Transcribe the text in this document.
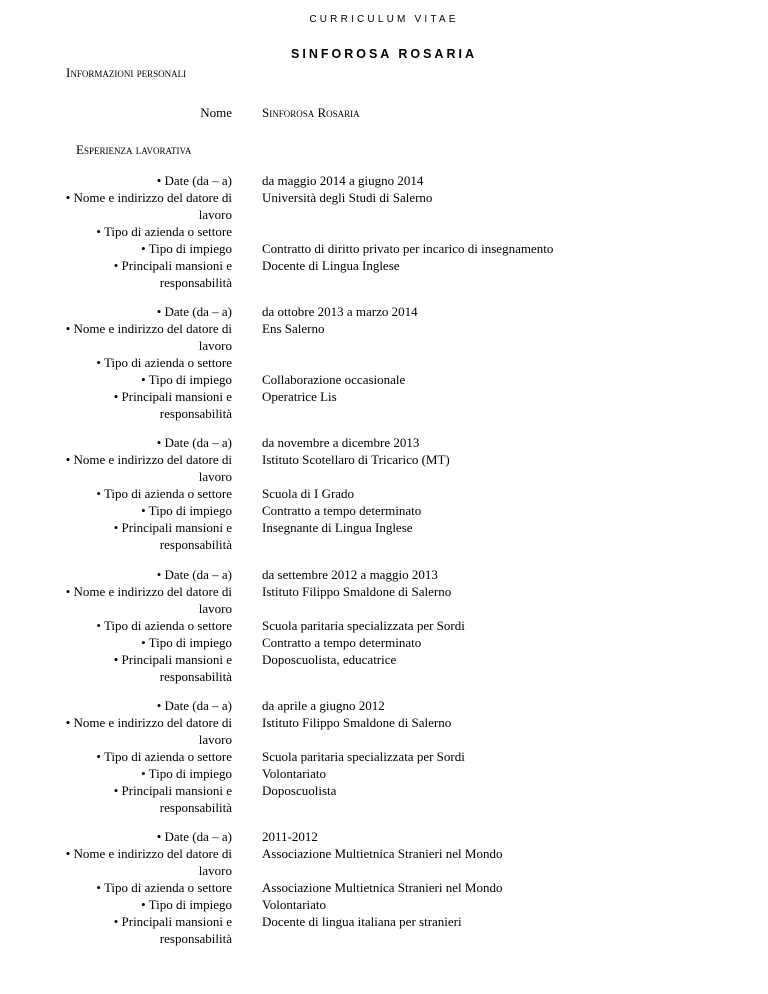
CURRICULUM VITAE
SINFOROSA ROSARIA
Informazioni personali
Nome Sinforosa Rosaria
Esperienza lavorativa
• Date (da – a)
• Nome e indirizzo del datore di
lavoro
• Tipo di azienda o settore
• Tipo di impiego
• Principali mansioni e
responsabilità
da maggio 2014 a giugno 2014
Università degli Studi di Salerno
Contratto di diritto privato per incarico di insegnamento
Docente di Lingua Inglese
• Date (da – a)
• Nome e indirizzo del datore di
lavoro
• Tipo di azienda o settore
• Tipo di impiego
• Principali mansioni e
responsabilità
da ottobre 2013 a marzo 2014
Ens Salerno
Collaborazione occasionale
Operatrice Lis
• Date (da – a)
• Nome e indirizzo del datore di
lavoro
• Tipo di azienda o settore
• Tipo di impiego
• Principali mansioni e
responsabilità
da novembre a dicembre 2013
Istituto Scotellaro di Tricarico (MT)
Scuola di I Grado
Contratto a tempo determinato
Insegnante di Lingua Inglese
• Date (da – a)
• Nome e indirizzo del datore di
lavoro
• Tipo di azienda o settore
• Tipo di impiego
• Principali mansioni e
responsabilità
da settembre 2012 a maggio 2013
Istituto Filippo Smaldone di Salerno
Scuola paritaria specializzata per Sordi
Contratto a tempo determinato
Doposcuolista, educatrice
• Date (da – a)
• Nome e indirizzo del datore di
lavoro
• Tipo di azienda o settore
• Tipo di impiego
• Principali mansioni e
responsabilità
da aprile a giugno 2012
Istituto Filippo Smaldone di Salerno
Scuola paritaria specializzata per Sordi
Volontariato
Doposcuolista
• Date (da – a)
• Nome e indirizzo del datore di
lavoro
• Tipo di azienda o settore
• Tipo di impiego
• Principali mansioni e
responsabilità
2011-2012
Associazione Multietnica Stranieri nel Mondo
Associazione Multietnica Stranieri nel Mondo
Volontariato
Docente di lingua italiana per stranieri
